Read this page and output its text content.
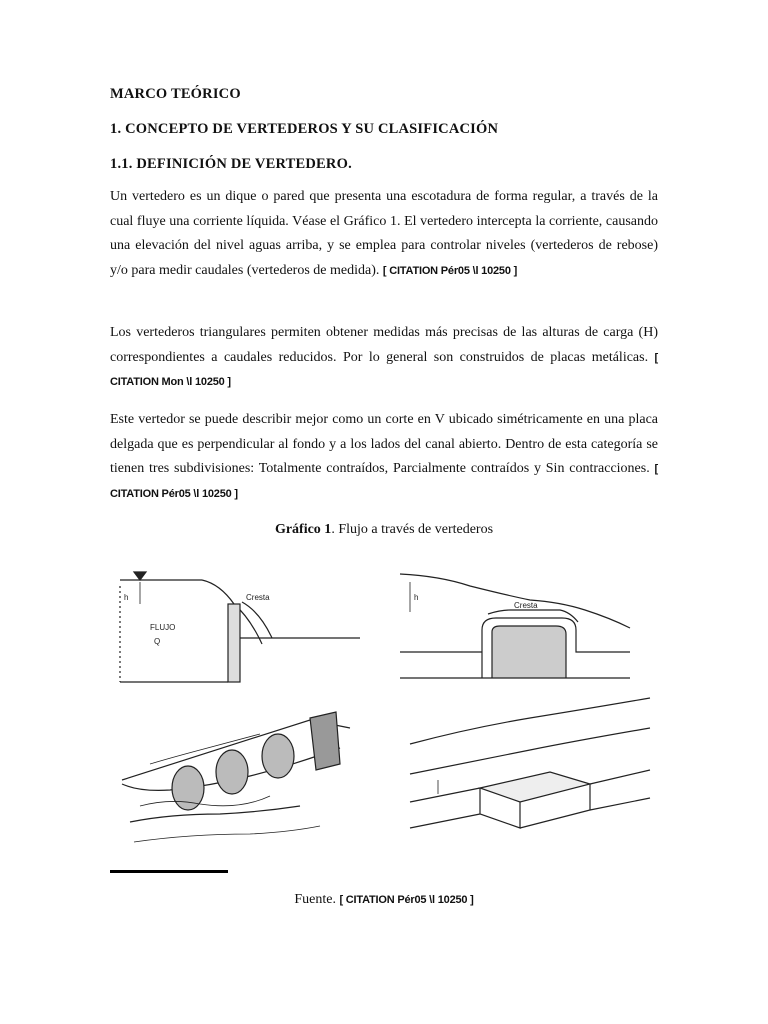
MARCO TEÓRICO
1. CONCEPTO DE VERTEDEROS Y SU CLASIFICACIÓN
1.1. DEFINICIÓN DE VERTEDERO.
Un vertedero es un dique o pared que presenta una escotadura de forma regular, a través de la cual fluye una corriente líquida. Véase el Gráfico 1. El vertedero intercepta la corriente, causando una elevación del nivel aguas arriba, y se emplea para controlar niveles (vertederos de rebose) y/o para medir caudales (vertederos de medida). [ CITATION Pér05 \l 10250 ]
Los vertederos triangulares permiten obtener medidas más precisas de las alturas de carga (H) correspondientes a caudales reducidos. Por lo general son construidos de placas metálicas. [ CITATION Mon \l 10250 ]
Este vertedor se puede describir mejor como un corte en V ubicado simétricamente en una placa delgada que es perpendicular al fondo y a los lados del canal abierto. Dentro de esta categoría se tienen tres subdivisiones: Totalmente contraídos, Parcialmente contraídos y Sin contracciones. [ CITATION Pér05 \l 10250 ]
Gráfico 1. Flujo a través de vertederos
Cresta
Cresta
FLUJO
Q
h	h
Fuente. [ CITATION Pér05 \l 10250 ]
